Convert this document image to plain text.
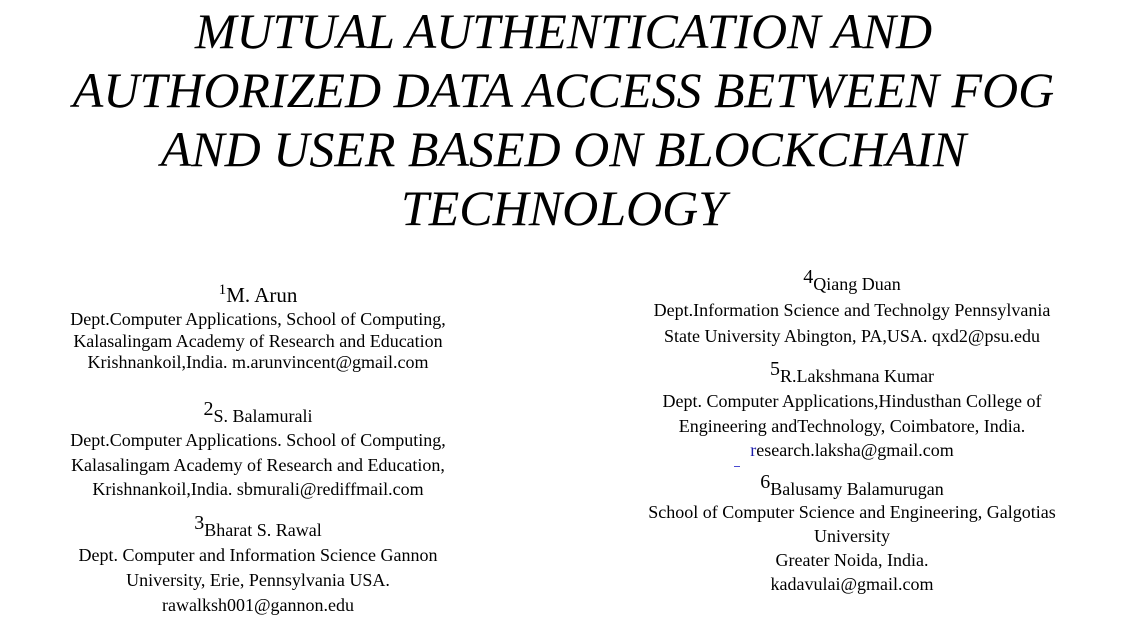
MUTUAL AUTHENTICATION AND
AUTHORIZED DATA ACCESS BETWEEN FOG
AND USER BASED ON BLOCKCHAIN
TECHNOLOGY
$^1$M. Arun
Dept.Computer Applications, School of Computing,
Kalasalingam Academy of Research and Education
Krishnankoil,India. m.arunvincent@gmail.com
$^2$S. Balamurali
Dept.Computer Applications. School of Computing,
Kalasalingam Academy of Research and Education,
Krishnankoil,India. sbmurali@rediffmail.com
$^3$Bharat S. Rawal
Dept. Computer and Information Science Gannon
University, Erie, Pennsylvania USA.
rawalksh001@gannon.edu
$^4$Qiang Duan
Dept.Information Science and Technolgy Pennsylvania
State University Abington, PA,USA. qxd2@psu.edu
$^5$R.Lakshmana Kumar
Dept. Computer Applications,Hindusthan College of
Engineering andTechnology, Coimbatore, India.
research.laksha@gmail.com
$^6$Balusamy Balamurugan
School of Computer Science and Engineering, Galgotias
University
Greater Noida, India.
kadavulai@gmail.com
